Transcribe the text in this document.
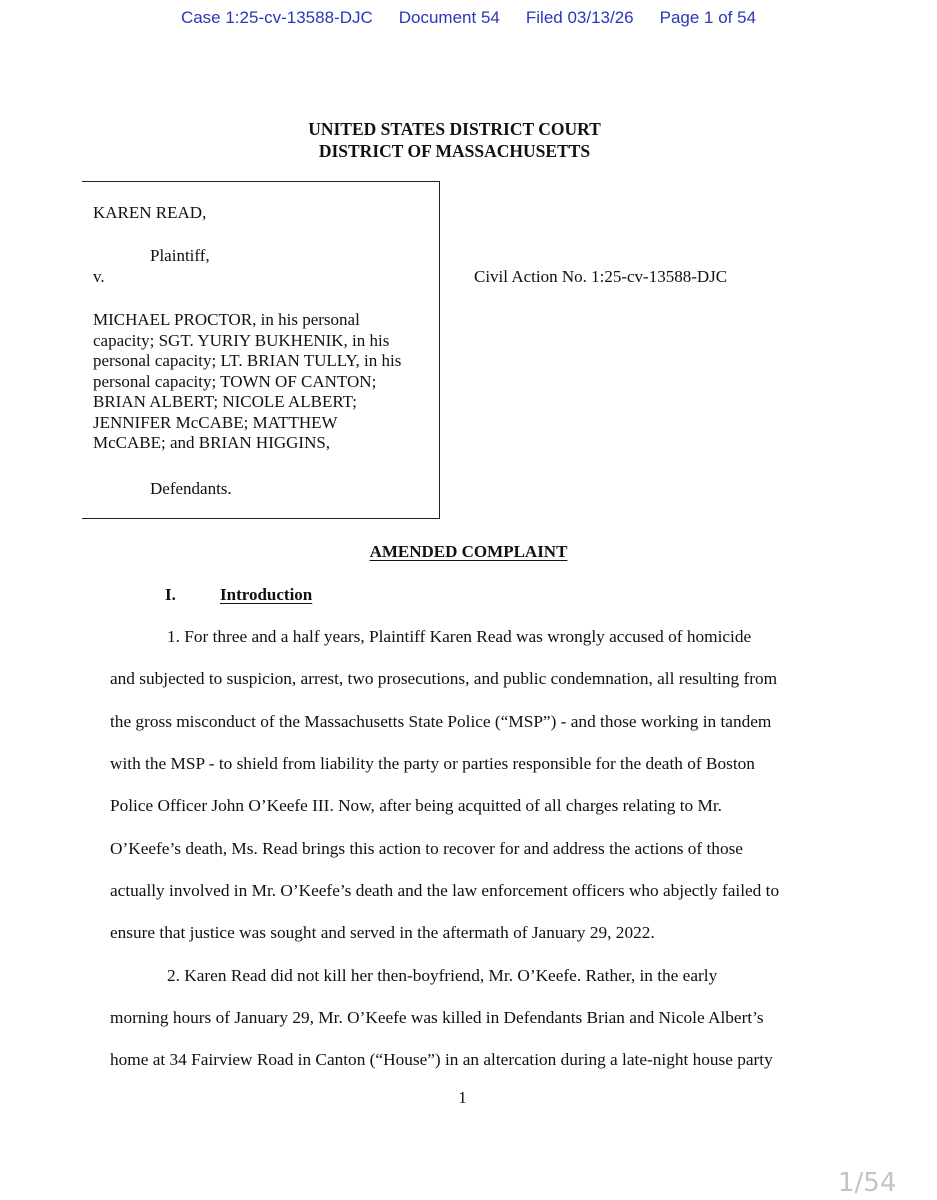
Case 1:25-cv-13588-DJC Document 54 Filed 03/13/26 Page 1 of 54
UNITED STATES DISTRICT COURT
DISTRICT OF MASSACHUSETTS
KAREN READ,
Plaintiff,
v.
MICHAEL PROCTOR, in his personal
capacity; SGT. YURIY BUKHENIK, in his
personal capacity; LT. BRIAN TULLY, in his
personal capacity; TOWN OF CANTON;
BRIAN ALBERT; NICOLE ALBERT;
JENNIFER McCABE; MATTHEW
McCABE; and BRIAN HIGGINS,
Defendants.
Civil Action No. 1:25-cv-13588-DJC
AMENDED COMPLAINT
I.	Introduction
1. For three and a half years, Plaintiff Karen Read was wrongly accused of homicide
and subjected to suspicion, arrest, two prosecutions, and public condemnation, all resulting from
the gross misconduct of the Massachusetts State Police (“MSP”) - and those working in tandem
with the MSP - to shield from liability the party or parties responsible for the death of Boston
Police Officer John O’Keefe III. Now, after being acquitted of all charges relating to Mr.
O’Keefe’s death, Ms. Read brings this action to recover for and address the actions of those
actually involved in Mr. O’Keefe’s death and the law enforcement officers who abjectly failed to
ensure that justice was sought and served in the aftermath of January 29, 2022.
2. Karen Read did not kill her then-boyfriend, Mr. O’Keefe. Rather, in the early
morning hours of January 29, Mr. O’Keefe was killed in Defendants Brian and Nicole Albert’s
home at 34 Fairview Road in Canton (“House”) in an altercation during a late-night house party
1
1/54
